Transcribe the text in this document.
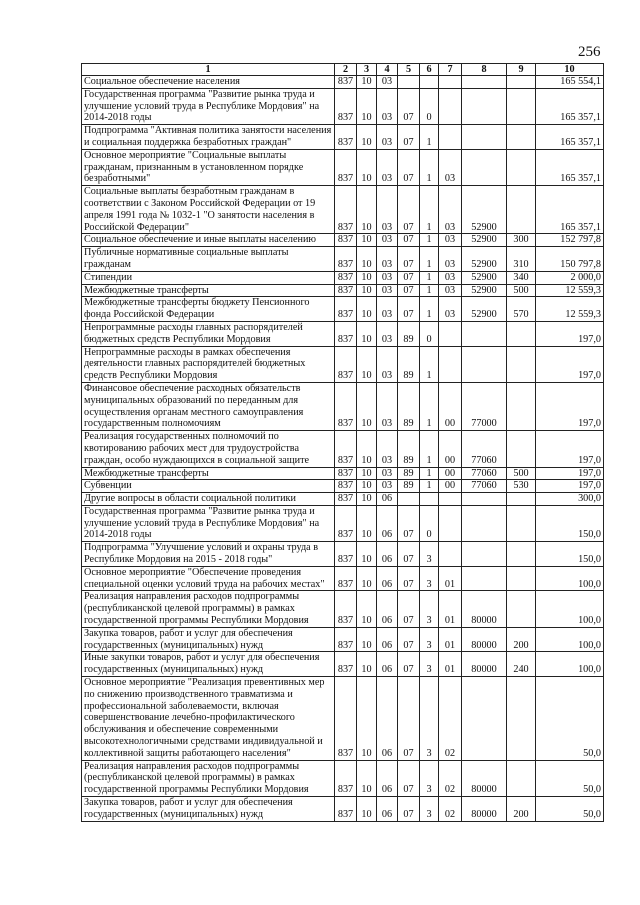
256
1	2	3	4	5	6	7	8	9	10
Социальное обеспечение населения	837	10	03						165 554,1
Государственная программа "Развитие рынка труда и улучшение условий труда в Республике Мордовия" на 2014-2018 годы	837	10	03	07	0				165 357,1
Подпрограмма "Активная политика занятости населения и социальная поддержка безработных граждан"	837	10	03	07	1				165 357,1
Основное мероприятие "Социальные выплаты гражданам, признанным в установленном порядке безработными"	837	10	03	07	1	03			165 357,1
Социальные выплаты безработным гражданам в соответствии с Законом Российской Федерации от 19 апреля 1991 года № 1032-1 "О занятости населения в Российской Федерации"	837	10	03	07	1	03	52900		165 357,1
Социальное обеспечение и иные выплаты населению	837	10	03	07	1	03	52900	300	152 797,8
Публичные нормативные социальные выплаты гражданам	837	10	03	07	1	03	52900	310	150 797,8
Стипендии	837	10	03	07	1	03	52900	340	2 000,0
Межбюджетные трансферты	837	10	03	07	1	03	52900	500	12 559,3
Межбюджетные трансферты бюджету Пенсионного фонда Российской Федерации	837	10	03	07	1	03	52900	570	12 559,3
Непрограммные расходы главных распорядителей бюджетных средств Республики Мордовия	837	10	03	89	0				197,0
Непрограммные расходы в рамках обеспечения деятельности главных распорядителей бюджетных средств Республики Мордовия	837	10	03	89	1				197,0
Финансовое обеспечение расходных обязательств муниципальных образований по переданным для осуществления органам местного самоуправления государственным полномочиям	837	10	03	89	1	00	77000		197,0
Реализация государственных полномочий по квотированию рабочих мест для трудоустройства граждан, особо нуждающихся в социальной защите	837	10	03	89	1	00	77060		197,0
Межбюджетные трансферты	837	10	03	89	1	00	77060	500	197,0
Субвенции	837	10	03	89	1	00	77060	530	197,0
Другие вопросы в области социальной политики	837	10	06						300,0
Государственная программа "Развитие рынка труда и улучшение условий труда в Республике Мордовия" на 2014-2018 годы	837	10	06	07	0				150,0
Подпрограмма "Улучшение условий и охраны труда в Республике Мордовия на 2015 - 2018 годы"	837	10	06	07	3				150,0
Основное мероприятие "Обеспечение проведения специальной оценки условий труда на рабочих местах"	837	10	06	07	3	01			100,0
Реализация направления расходов подпрограммы (республиканской целевой программы) в рамках государственной программы Республики Мордовия	837	10	06	07	3	01	80000		100,0
Закупка товаров, работ и услуг для обеспечения государственных (муниципальных) нужд	837	10	06	07	3	01	80000	200	100,0
Иные закупки товаров, работ и услуг для обеспечения государственных (муниципальных) нужд	837	10	06	07	3	01	80000	240	100,0
Основное мероприятие "Реализация превентивных мер по снижению производственного травматизма и профессиональной заболеваемости, включая совершенствование лечебно-профилактического обслуживания и обеспечение современными высокотехнологичными средствами индивидуальной и коллективной защиты работающего населения"	837	10	06	07	3	02			50,0
Реализация направления расходов подпрограммы (республиканской целевой программы) в рамках государственной программы Республики Мордовия	837	10	06	07	3	02	80000		50,0
Закупка товаров, работ и услуг для обеспечения государственных (муниципальных) нужд	837	10	06	07	3	02	80000	200	50,0
